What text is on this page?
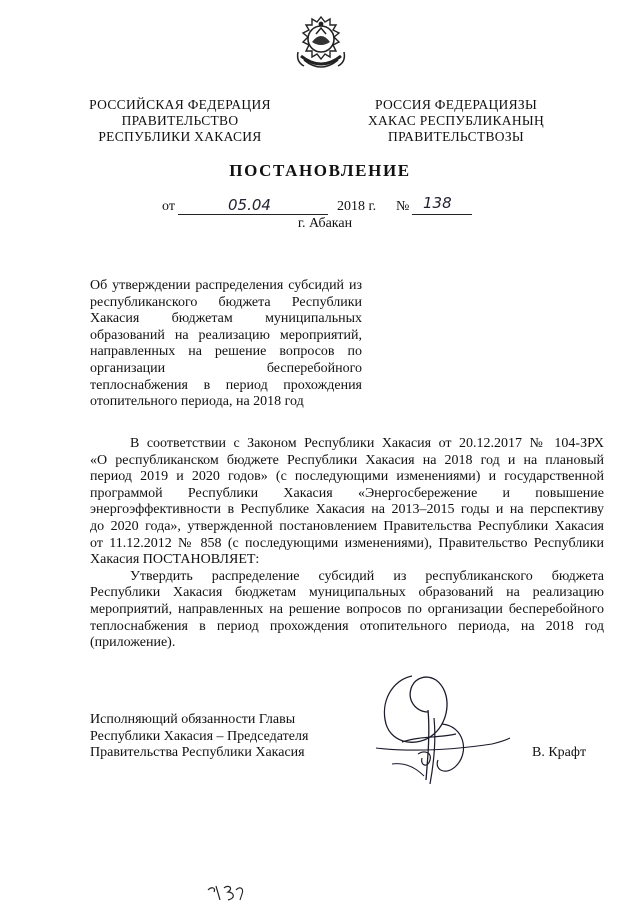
РОССИЙСКАЯ ФЕДЕРАЦИЯ
ПРАВИТЕЛЬСТВО
РЕСПУБЛИКИ ХАКАСИЯ
РОССИЯ ФЕДЕРАЦИЯЗЫ
ХАКАС РЕСПУБЛИКАНЫҢ
ПРАВИТЕЛЬСТВОЗЫ
ПОСТАНОВЛЕНИЕ
от	05.04	2018 г. № 138
г. Абакан
Об утверждении распределения субсидий из
республиканского бюджета Республики
Хакасия бюджетам муниципальных
образований на реализацию мероприятий,
направленных на решение вопросов по
организации бесперебойного
теплоснабжения в период прохождения
отопительного периода, на 2018 год
В соответствии с Законом Республики Хакасия от 20.12.2017 № 104-ЗРХ
«О республиканском бюджете Республики Хакасия на 2018 год и на плановый
период 2019 и 2020 годов» (с последующими изменениями) и государственной
программой Республики Хакасия «Энергосбережение и повышение
энергоэффективности в Республике Хакасия на 2013–2015 годы и на перспективу
до 2020 года», утвержденной постановлением Правительства Республики Хакасия
от 11.12.2012 № 858 (с последующими изменениями), Правительство Республики
Хакасия ПОСТАНОВЛЯЕТ:
Утвердить распределение субсидий из республиканского бюджета
Республики Хакасия бюджетам муниципальных образований на реализацию
мероприятий, направленных на решение вопросов по организации бесперебойного
теплоснабжения в период прохождения отопительного периода, на 2018 год
(приложение).
Исполняющий обязанности Главы
Республики Хакасия – Председателя
Правительства Республики Хакасия	В. Крафт
